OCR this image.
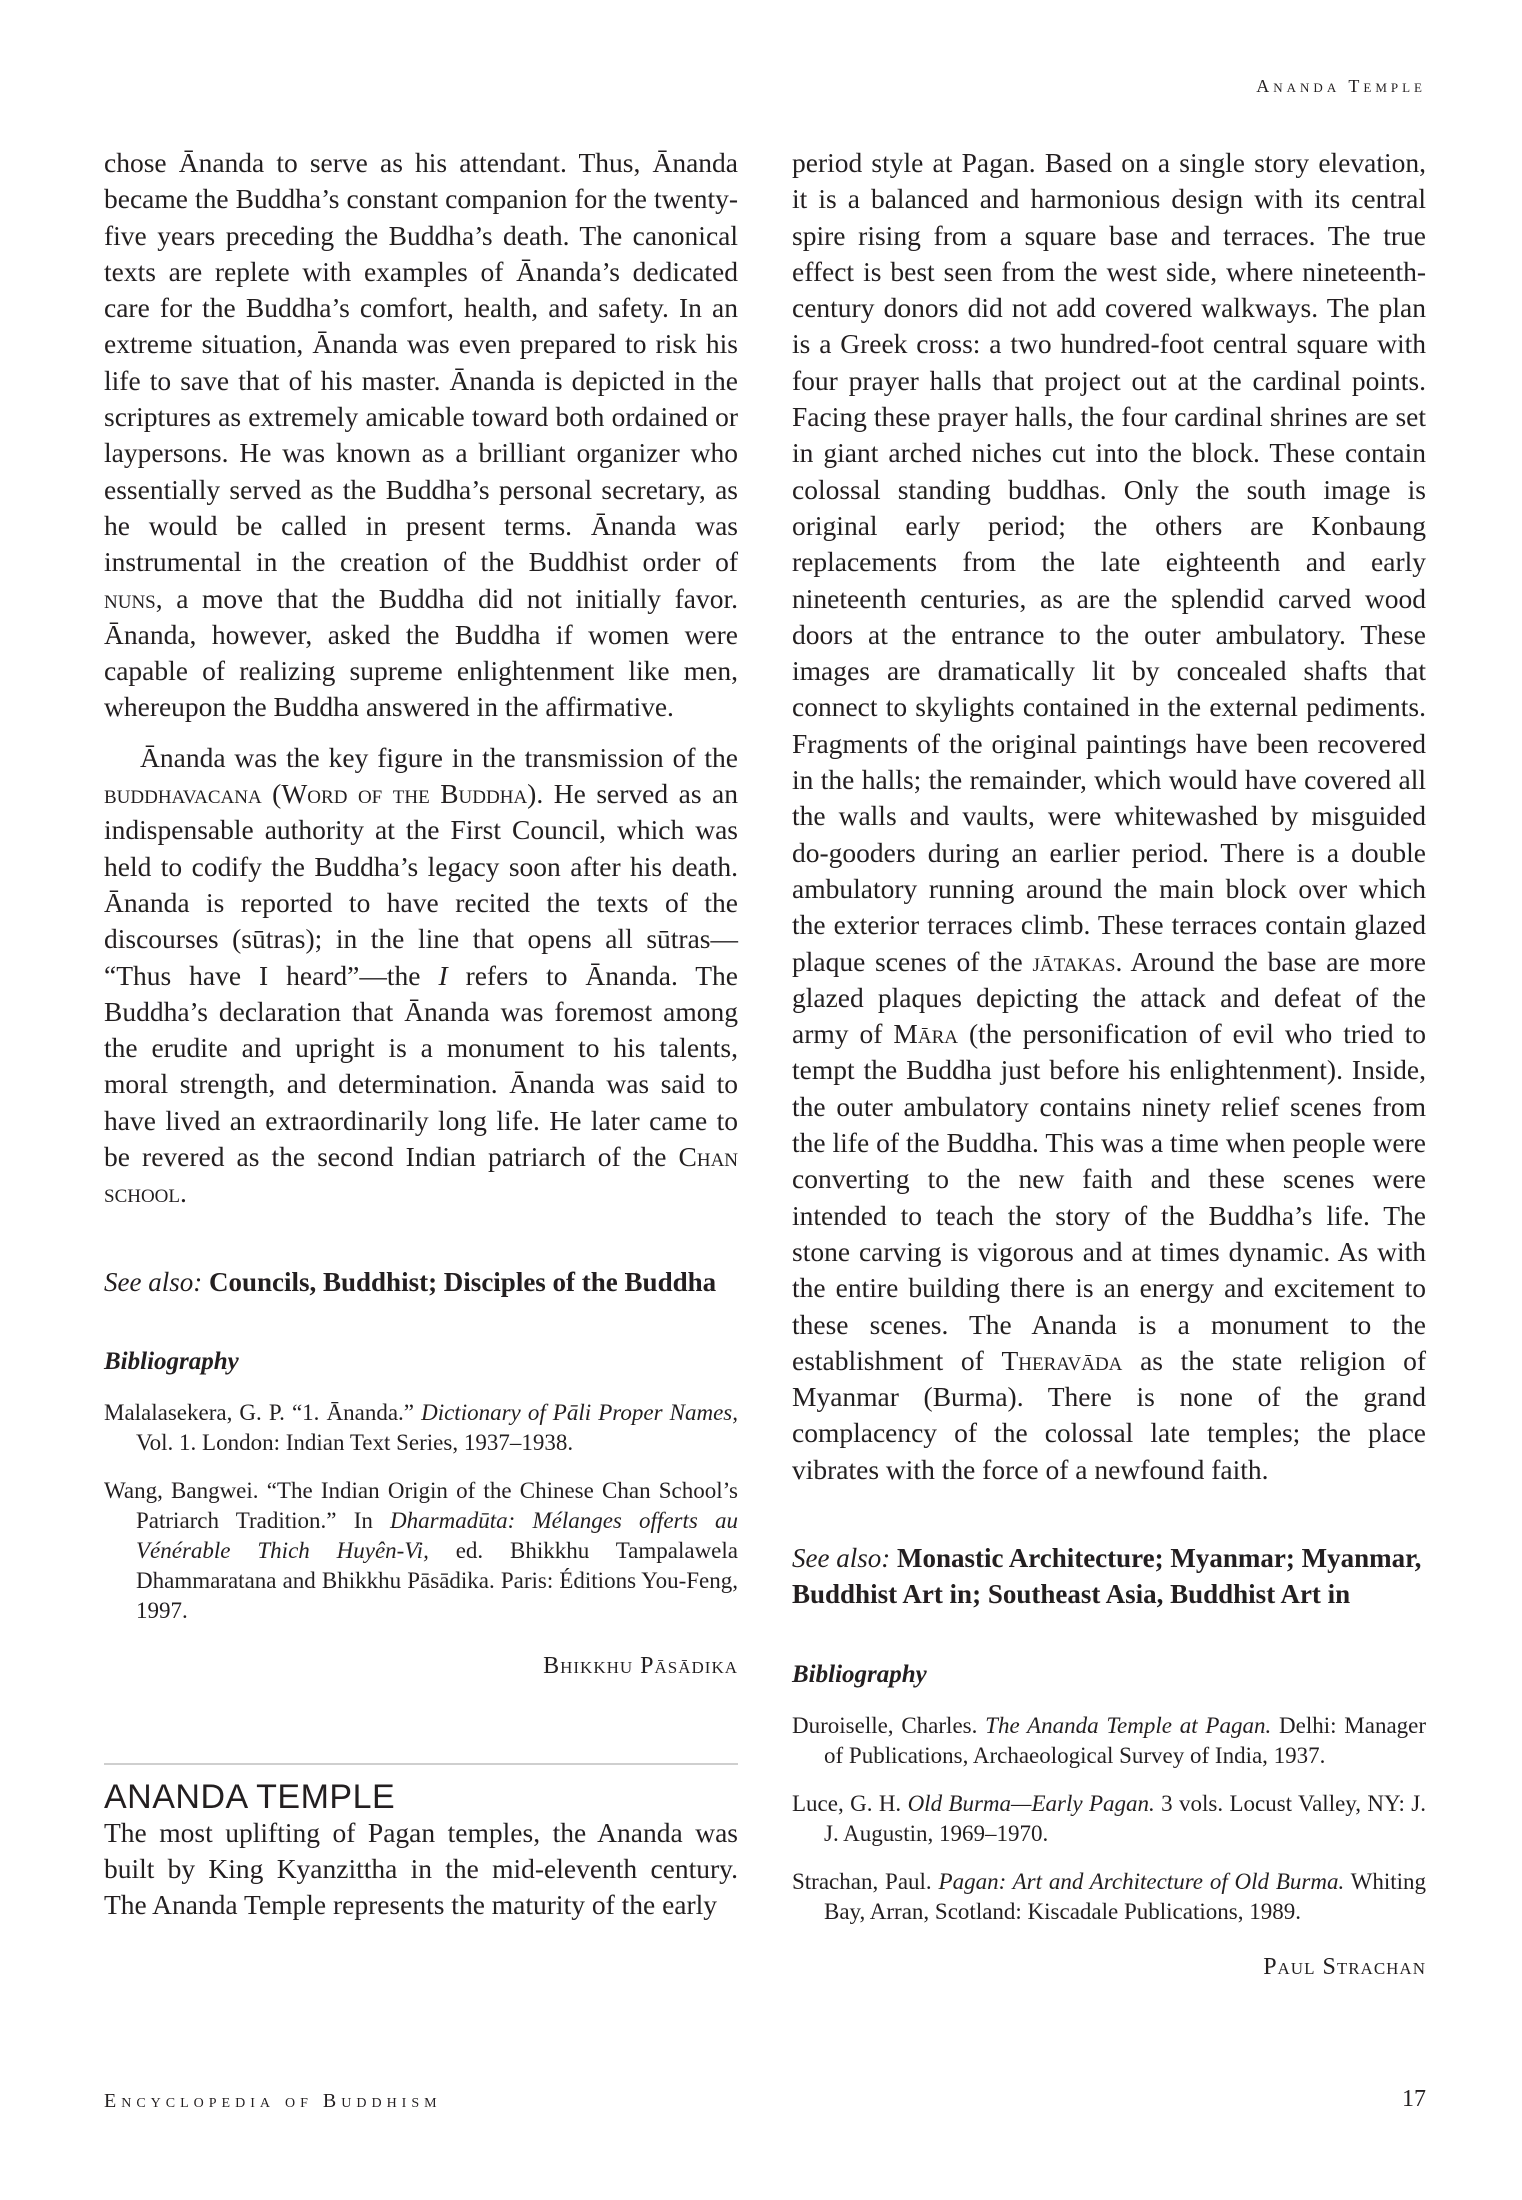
Ananda Temple

chose Ānanda to serve as his attendant. Thus, Ānanda became the Buddha’s constant companion for the twenty-five years preceding the Buddha’s death. The canonical texts are replete with examples of Ānanda’s dedicated care for the Buddha’s comfort, health, and safety. In an extreme situation, Ānanda was even prepared to risk his life to save that of his master. Ānanda is depicted in the scriptures as extremely amicable toward both ordained or laypersons. He was known as a brilliant organizer who essentially served as the Buddha’s personal secretary, as he would be called in present terms. Ānanda was instrumental in the creation of the Buddhist order of nuns, a move that the Buddha did not initially favor. Ānanda, however, asked the Buddha if women were capable of realizing supreme enlightenment like men, whereupon the Buddha answered in the affirmative.

Ānanda was the key figure in the transmission of the buddhavacana (Word of the Buddha). He served as an indispensable authority at the First Council, which was held to codify the Buddha’s legacy soon after his death. Ānanda is reported to have recited the texts of the discourses (sūtras); in the line that opens all sūtras— “Thus have I heard”—the I refers to Ānanda. The Buddha’s declaration that Ānanda was foremost among the erudite and upright is a monument to his talents, moral strength, and determination. Ānanda was said to have lived an extraordinarily long life. He later came to be revered as the second Indian patriarch of the Chan school.

See also: Councils, Buddhist; Disciples of the Buddha
Bibliography
Malalasekera, G. P. “1. Ānanda.” Dictionary of Pāli Proper Names, Vol. 1. London: Indian Text Series, 1937–1938.
Wang, Bangwei. “The Indian Origin of the Chinese Chan School’s Patriarch Tradition.” In Dharmadūta: Mélanges offerts au Vénérable Thich Huyên-Vi, ed. Bhikkhu Tampalawela Dhammaratana and Bhikkhu Pāsādika. Paris: Éditions You-Feng, 1997.
Bhikkhu Pāsādika
ANANDA TEMPLE

The most uplifting of Pagan temples, the Ananda was built by King Kyanzittha in the mid-eleventh century. The Ananda Temple represents the maturity of the early

period style at Pagan. Based on a single story elevation, it is a balanced and harmonious design with its central spire rising from a square base and terraces. The true effect is best seen from the west side, where nineteenth-century donors did not add covered walkways. The plan is a Greek cross: a two hundred-foot central square with four prayer halls that project out at the cardinal points. Facing these prayer halls, the four cardinal shrines are set in giant arched niches cut into the block. These contain colossal standing buddhas. Only the south image is original early period; the others are Konbaung replacements from the late eighteenth and early nineteenth centuries, as are the splendid carved wood doors at the entrance to the outer ambulatory. These images are dramatically lit by concealed shafts that connect to skylights contained in the external pediments. Fragments of the original paintings have been recovered in the halls; the remainder, which would have covered all the walls and vaults, were whitewashed by misguided do-gooders during an earlier period. There is a double ambulatory running around the main block over which the exterior terraces climb. These terraces contain glazed plaque scenes of the jātakas. Around the base are more glazed plaques depicting the attack and defeat of the army of Māra (the personification of evil who tried to tempt the Buddha just before his enlightenment). Inside, the outer ambulatory contains ninety relief scenes from the life of the Buddha. This was a time when people were converting to the new faith and these scenes were intended to teach the story of the Buddha’s life. The stone carving is vigorous and at times dynamic. As with the entire building there is an energy and excitement to these scenes. The Ananda is a monument to the establishment of Theravāda as the state religion of Myanmar (Burma). There is none of the grand complacency of the colossal late temples; the place vibrates with the force of a newfound faith.

See also: Monastic Architecture; Myanmar; Myanmar, Buddhist Art in; Southeast Asia, Buddhist Art in
Bibliography
Duroiselle, Charles. The Ananda Temple at Pagan. Delhi: Manager of Publications, Archaeological Survey of India, 1937.
Luce, G. H. Old Burma—Early Pagan. 3 vols. Locust Valley, NY: J. J. Augustin, 1969–1970.
Strachan, Paul. Pagan: Art and Architecture of Old Burma. Whiting Bay, Arran, Scotland: Kiscadale Publications, 1989.
Paul Strachan
Encyclopedia of Buddhism	17
